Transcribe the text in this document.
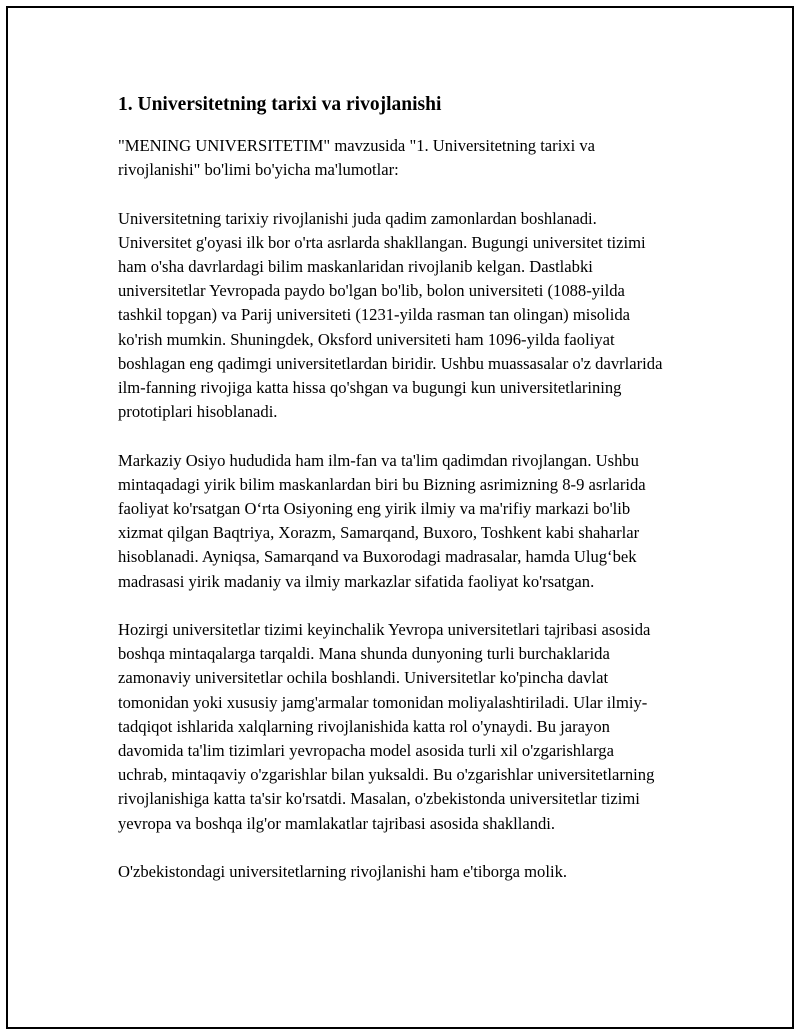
1. Universitetning tarixi va rivojlanishi

"MENING UNIVERSITETIM" mavzusida "1. Universitetning tarixi va rivojlanishi" bo'limi bo'yicha ma'lumotlar:

Universitetning tarixiy rivojlanishi juda qadim zamonlardan boshlanadi. Universitet g'oyasi ilk bor o'rta asrlarda shakllangan. Bugungi universitet tizimi ham o'sha davrlardagi bilim maskanlaridan rivojlanib kelgan. Dastlabki universitetlar Yevropada paydo bo'lgan bo'lib, bolon universiteti (1088-yilda tashkil topgan) va Parij universiteti (1231-yilda rasman tan olingan) misolida ko'rish mumkin. Shuningdek, Oksford universiteti ham 1096-yilda faoliyat boshlagan eng qadimgi universitetlardan biridir. Ushbu muassasalar o'z davrlarida ilm-fanning rivojiga katta hissa qo'shgan va bugungi kun universitetlarining prototiplari hisoblanadi.

Markaziy Osiyo hududida ham ilm-fan va ta'lim qadimdan rivojlangan. Ushbu mintaqadagi yirik bilim maskanlardan biri bu Bizning asrimizning 8-9 asrlarida faoliyat ko'rsatgan O‘rta Osiyoning eng yirik ilmiy va ma'rifiy markazi bo'lib xizmat qilgan Baqtriya, Xorazm, Samarqand, Buxoro, Toshkent kabi shaharlar hisoblanadi. Ayniqsa, Samarqand va Buxorodagi madrasalar, hamda Ulug‘bek madrasasi yirik madaniy va ilmiy markazlar sifatida faoliyat ko'rsatgan.

Hozirgi universitetlar tizimi keyinchalik Yevropa universitetlari tajribasi asosida boshqa mintaqalarga tarqaldi. Mana shunda dunyoning turli burchaklarida zamonaviy universitetlar ochila boshlandi. Universitetlar ko'pincha davlat tomonidan yoki xususiy jamg'armalar tomonidan moliyalashtiriladi. Ular ilmiy-tadqiqot ishlarida xalqlarning rivojlanishida katta rol o'ynaydi. Bu jarayon davomida ta'lim tizimlari yevropacha model asosida turli xil o'zgarishlarga uchrab, mintaqaviy o'zgarishlar bilan yuksaldi. Bu o'zgarishlar universitetlarning rivojlanishiga katta ta'sir ko'rsatdi. Masalan, o'zbekistonda universitetlar tizimi yevropa va boshqa ilg'or mamlakatlar tajribasi asosida shakllandi.

O'zbekistondagi universitetlarning rivojlanishi ham e'tiborga molik.
